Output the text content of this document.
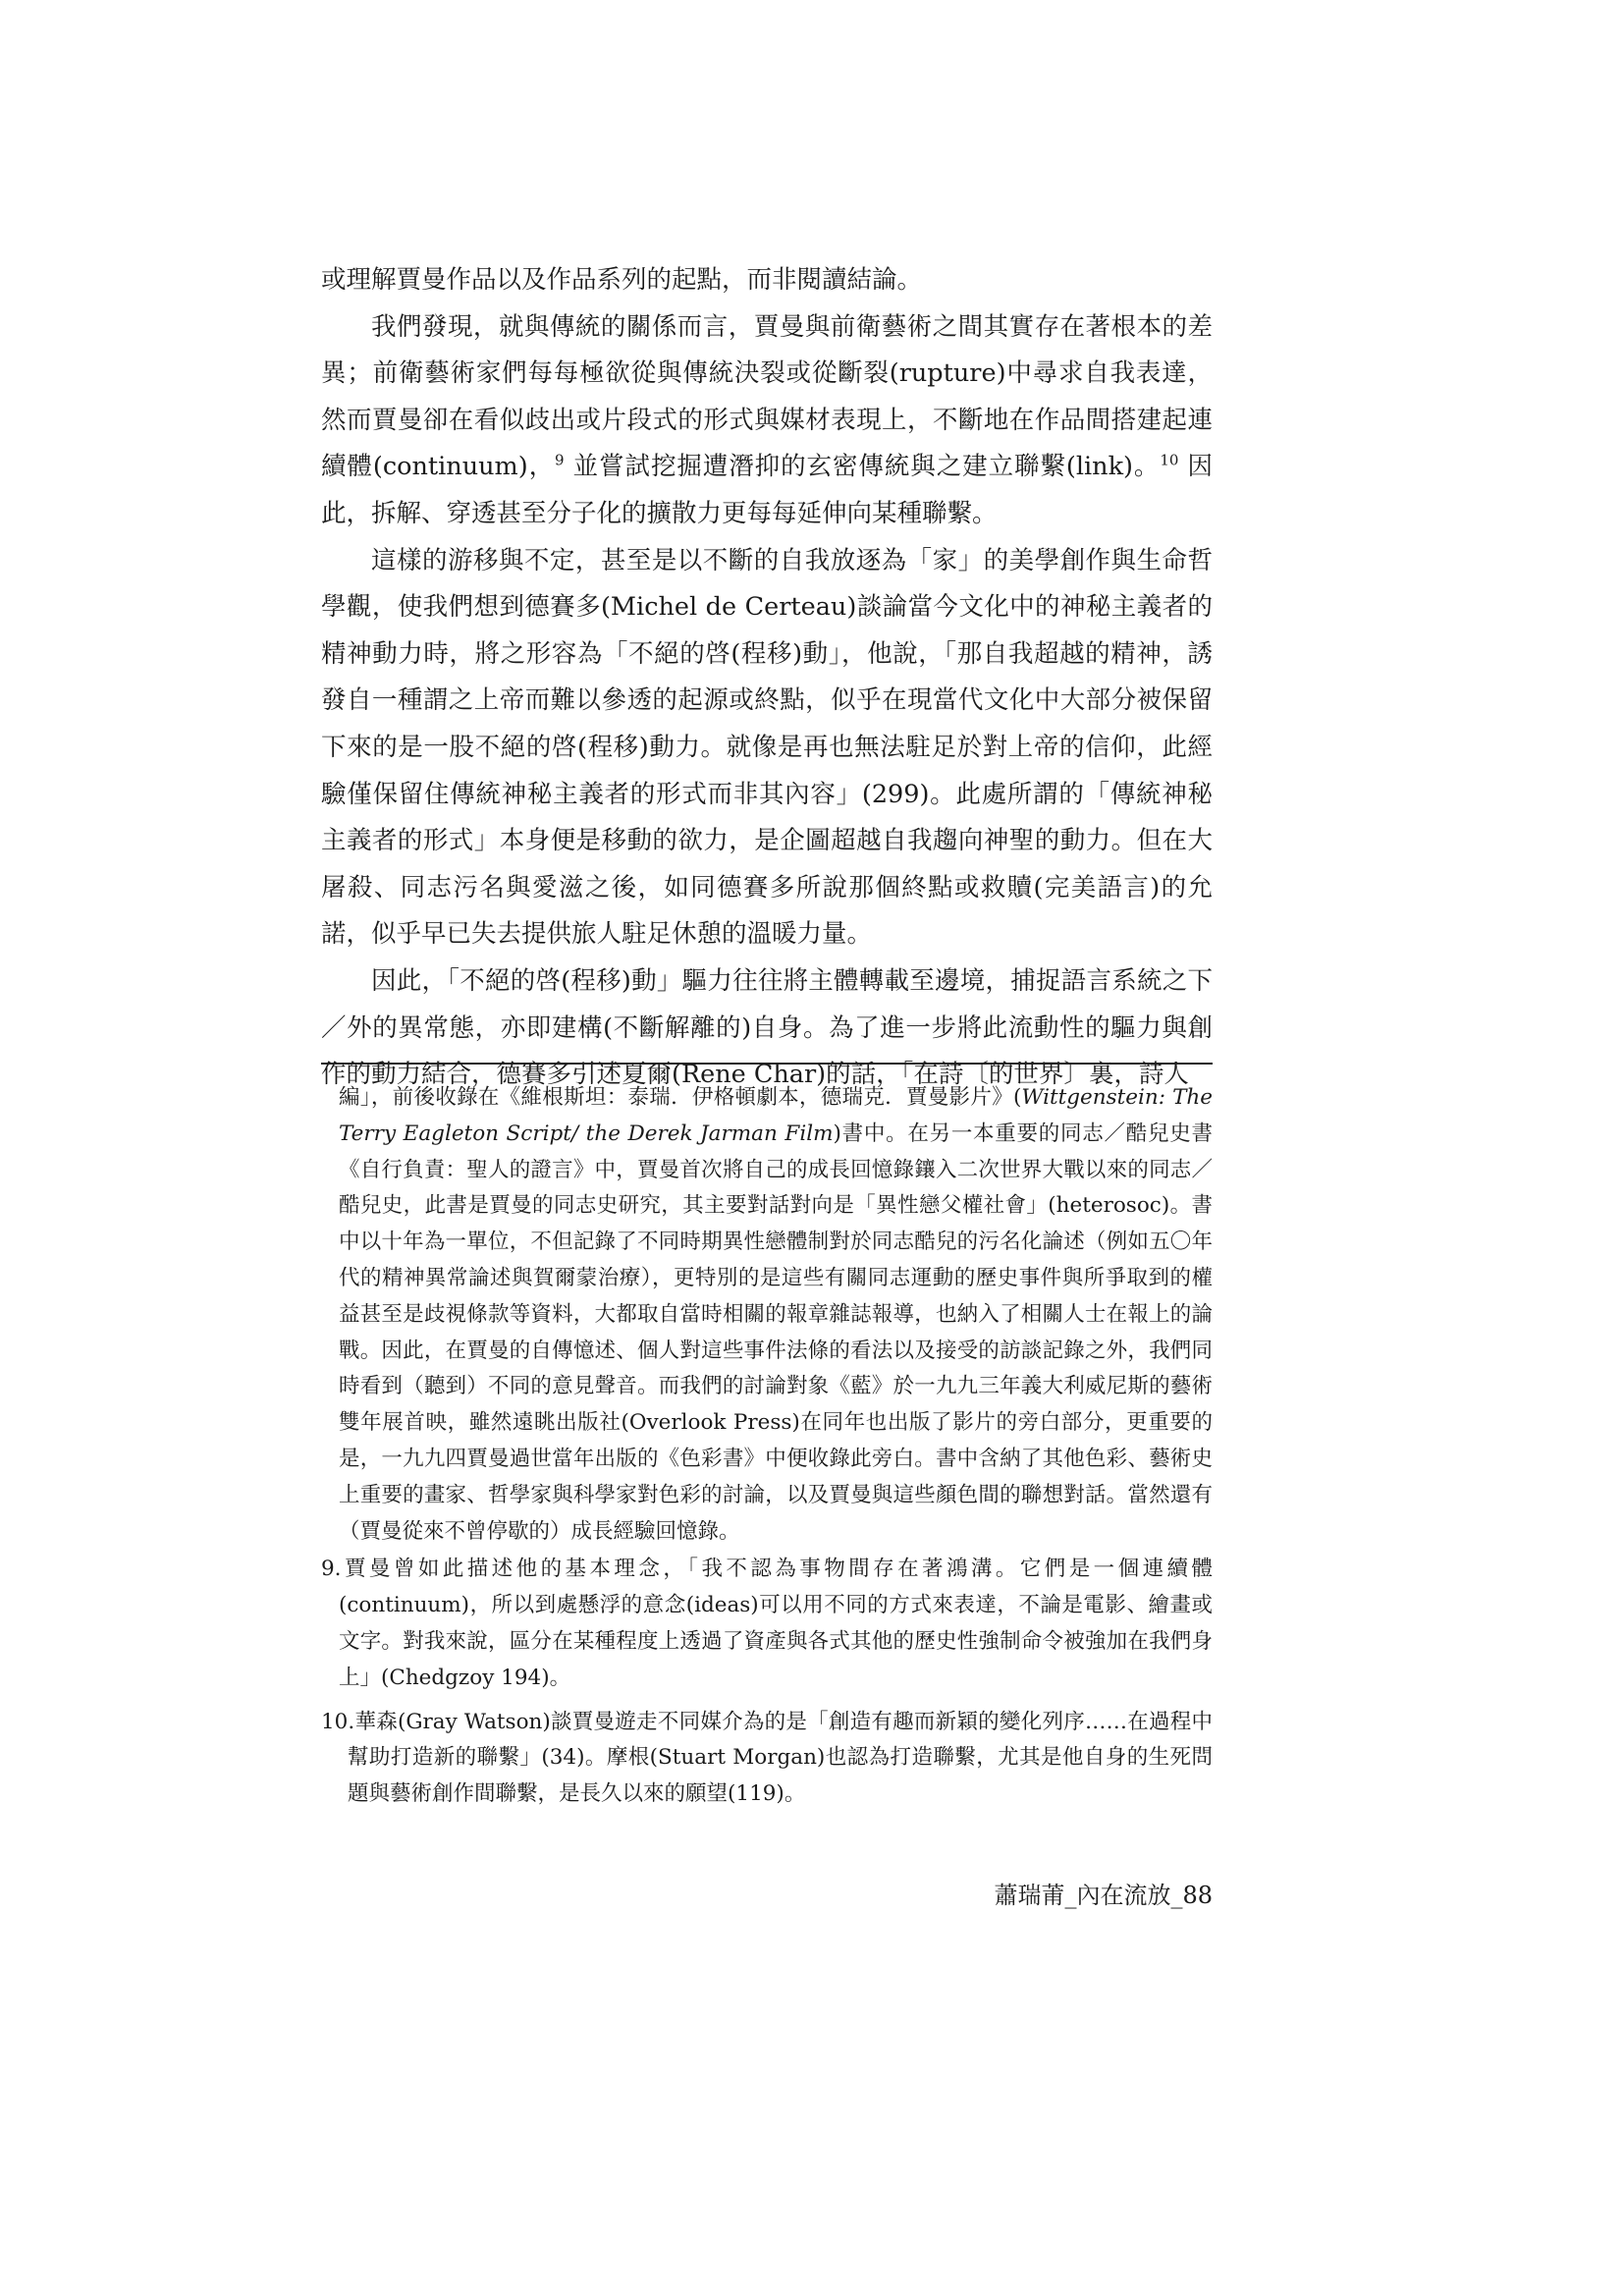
或理解賈曼作品以及作品系列的起點，而非閱讀結論。

我們發現，就與傳統的關係而言，賈曼與前衛藝術之間其實存在著根本的差異；前衛藝術家們每每極欲從與傳統決裂或從斷裂(rupture)中尋求自我表達，然而賈曼卻在看似歧出或片段式的形式與媒材表現上，不斷地在作品間搭建起連續體(continuum)，$^9$ 並嘗試挖掘遭潛抑的玄密傳統與之建立聯繫(link)。$^{10}$ 因此，拆解、穿透甚至分子化的擴散力更每每延伸向某種聯繫。

這樣的游移與不定，甚至是以不斷的自我放逐為「家」的美學創作與生命哲學觀，使我們想到德賽多(Michel de Certeau)談論當今文化中的神秘主義者的精神動力時，將之形容為「不絕的啓(程移)動」，他說，「那自我超越的精神，誘發自一種謂之上帝而難以參透的起源或終點，似乎在現當代文化中大部分被保留下來的是一股不絕的啓(程移)動力。就像是再也無法駐足於對上帝的信仰，此經驗僅保留住傳統神秘主義者的形式而非其內容」(299)。此處所謂的「傳統神秘主義者的形式」本身便是移動的欲力，是企圖超越自我趨向神聖的動力。但在大屠殺、同志污名與愛滋之後，如同德賽多所說那個終點或救贖(完美語言)的允諾，似乎早已失去提供旅人駐足休憩的溫暖力量。

因此，「不絕的啓(程移)動」驅力往往將主體轉載至邊境，捕捉語言系統之下／外的異常態，亦即建構(不斷解離的)自身。為了進一步將此流動性的驅力與創作的動力結合，德賽多引述夏爾(Rene Char)的話，「在詩〔的世界〕裏，詩人

編」，前後收錄在《維根斯坦：泰瑞．伊格頓劇本，德瑞克．賈曼影片》(Wittgenstein: The Terry Eagleton Script/ the Derek Jarman Film)書中。在另一本重要的同志／酷兒史書《自行負責：聖人的證言》中，賈曼首次將自己的成長回憶錄鑲入二次世界大戰以來的同志／酷兒史，此書是賈曼的同志史研究，其主要對話對向是「異性戀父權社會」(heterosoc)。書中以十年為一單位，不但記錄了不同時期異性戀體制對於同志酷兒的污名化論述（例如五〇年代的精神異常論述與賀爾蒙治療），更特別的是這些有關同志運動的歷史事件與所爭取到的權益甚至是歧視條款等資料，大都取自當時相關的報章雜誌報導，也納入了相關人士在報上的論戰。因此，在賈曼的自傳憶述、個人對這些事件法條的看法以及接受的訪談記錄之外，我們同時看到（聽到）不同的意見聲音。而我們的討論對象《藍》於一九九三年義大利威尼斯的藝術雙年展首映，雖然遠眺出版社(Overlook Press)在同年也出版了影片的旁白部分，更重要的是，一九九四賈曼過世當年出版的《色彩書》中便收錄此旁白。書中含納了其他色彩、藝術史上重要的畫家、哲學家與科學家對色彩的討論，以及賈曼與這些顏色間的聯想對話。當然還有（賈曼從來不曾停歇的）成長經驗回憶錄。

9.賈曼曾如此描述他的基本理念，「我不認為事物間存在著鴻溝。它們是一個連續體(continuum)，所以到處懸浮的意念(ideas)可以用不同的方式來表達，不論是電影、繪畫或文字。對我來說，區分在某種程度上透過了資產與各式其他的歷史性強制命令被強加在我們身上」(Chedgzoy 194)。

10.華森(Gray Watson)談賈曼遊走不同媒介為的是「創造有趣而新穎的變化列序……在過程中幫助打造新的聯繫」(34)。摩根(Stuart Morgan)也認為打造聯繫，尤其是他自身的生死問題與藝術創作間聯繫，是長久以來的願望(119)。

蕭瑞莆_內在流放_88
